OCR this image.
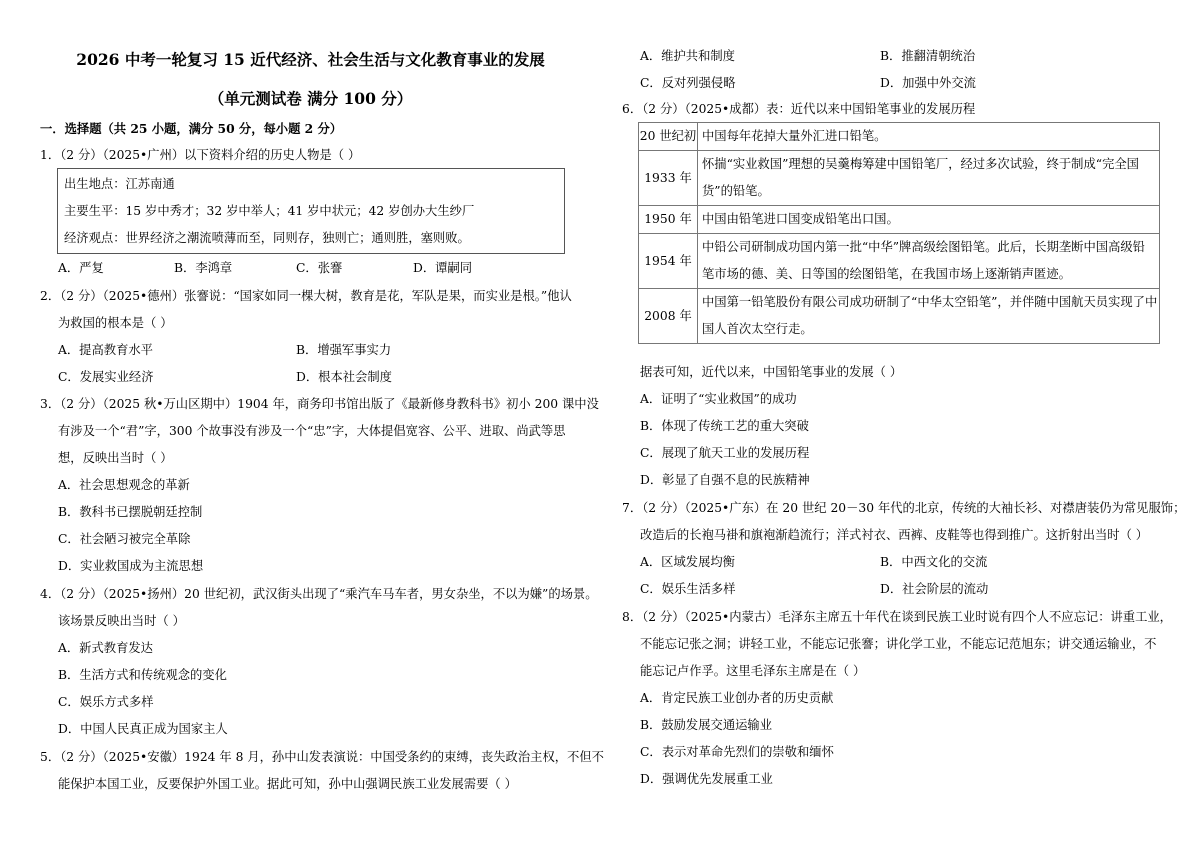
2026 中考一轮复习 15 近代经济、社会生活与文化教育事业的发展
（单元测试卷 满分 100 分）
一．选择题（共 25 小题，满分 50 分，每小题 2 分）
1．（2 分）（2025•广州）以下资料介绍的历史人物是（ ）
出生地点：江苏南通
主要生平：15 岁中秀才；32 岁中举人；41 岁中状元；42 岁创办大生纱厂
经济观点：世界经济之潮流喷薄而至，同则存，独则亡；通则胜，塞则败。
A．严复	B．李鸿章	C．张謇	D．谭嗣同
2．（2 分）（2025•德州）张謇说：“国家如同一棵大树，教育是花，军队是果，而实业是根。”他认
为救国的根本是（ ）
A．提高教育水平	B．增强军事实力
C．发展实业经济	D．根本社会制度
3．（2 分）（2025 秋•万山区期中）1904 年，商务印书馆出版了《最新修身教科书》初小 200 课中没
有涉及一个“君”字，300 个故事没有涉及一个“忠”字，大体提倡宽容、公平、进取、尚武等思
想，反映出当时（ ）
A．社会思想观念的革新
B．教科书已摆脱朝廷控制
C．社会陋习被完全革除
D．实业救国成为主流思想
4．（2 分）（2025•扬州）20 世纪初，武汉街头出现了“乘汽车马车者，男女杂坐，不以为嫌”的场景。
该场景反映出当时（ ）
A．新式教育发达
B．生活方式和传统观念的变化
C．娱乐方式多样
D．中国人民真正成为国家主人
5．（2 分）（2025•安徽）1924 年 8 月，孙中山发表演说：中国受条约的束缚，丧失政治主权，不但不
能保护本国工业，反要保护外国工业。据此可知，孙中山强调民族工业发展需要（ ）
A．维护共和制度	B．推翻清朝统治
C．反对列强侵略	D．加强中外交流
6．（2 分）（2025•成都）表：近代以来中国铅笔事业的发展历程
20 世纪初	中国每年花掉大量外汇进口铅笔。

1933 年	怀揣“实业救国”理想的吴羹梅筹建中国铅笔厂，经过多次试验，终于制成“完全国
货”的铅笔。

1950 年	中国由铅笔进口国变成铅笔出口国。

1954 年	中铅公司研制成功国内第一批“中华”牌高级绘图铅笔。此后，长期垄断中国高级铅
笔市场的德、美、日等国的绘图铅笔，在我国市场上逐渐销声匿迹。

2008 年	中国第一铅笔股份有限公司成功研制了“中华太空铅笔”，并伴随中国航天员实现了中
国人首次太空行走。
据表可知，近代以来，中国铅笔事业的发展（ ）
A．证明了“实业救国”的成功
B．体现了传统工艺的重大突破
C．展现了航天工业的发展历程
D．彰显了自强不息的民族精神
7．（2 分）（2025•广东）在 20 世纪 20－30 年代的北京，传统的大袖长衫、对襟唐装仍为常见服饰；
改造后的长袍马褂和旗袍渐趋流行；洋式衬衣、西裤、皮鞋等也得到推广。这折射出当时（ ）
A．区域发展均衡	B．中西文化的交流
C．娱乐生活多样	D．社会阶层的流动
8．（2 分）（2025•内蒙古）毛泽东主席五十年代在谈到民族工业时说有四个人不应忘记：讲重工业，
不能忘记张之洞；讲轻工业，不能忘记张謇；讲化学工业，不能忘记范旭东；讲交通运输业，不
能忘记卢作孚。这里毛泽东主席是在（ ）
A．肯定民族工业创办者的历史贡献
B．鼓励发展交通运输业
C．表示对革命先烈们的崇敬和缅怀
D．强调优先发展重工业
